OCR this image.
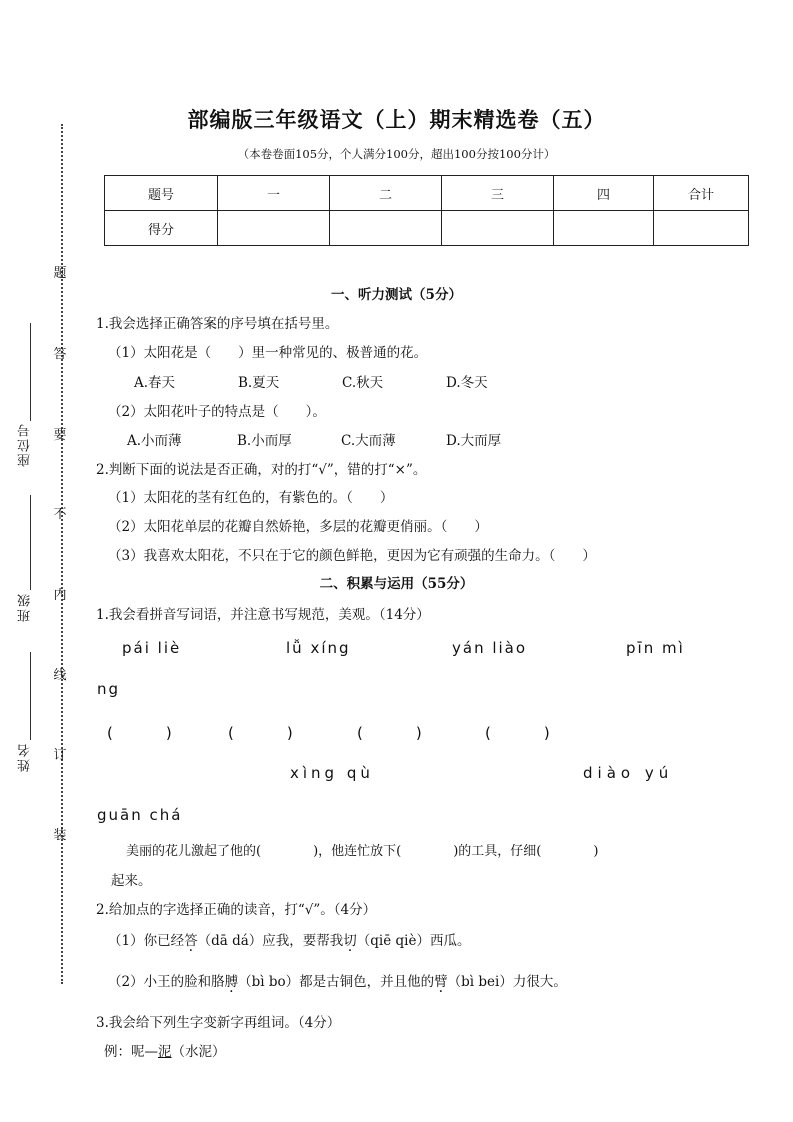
题
答
要
不
内
线
订
装
座位号
班级
姓名
部编版三年级语文（上）期末精选卷（五）
（本卷卷面105分，个人满分100分，超出100分按100分计）
题号	一	二	三	四	合计
得分					
一、听力测试（5分）
1.我会选择正确答案的序号填在括号里。
（1）太阳花是（　　）里一种常见的、极普通的花。
A.春天	B.夏天	C.秋天	D.冬天
（2）太阳花叶子的特点是（　　）。
A.小而薄	B.小而厚	C.大而薄	D.大而厚
2.判断下面的说法是否正确，对的打“√”，错的打“×”。
（1）太阳花的茎有红色的，有紫色的。（　　）
（2）太阳花单层的花瓣自然娇艳，多层的花瓣更俏丽。（　　）
（3）我喜欢太阳花，不只在于它的颜色鲜艳，更因为它有顽强的生命力。（　　）
二、积累与运用（55分）
1.我会看拼音写词语，并注意书写规范，美观。（14分）
pái liè	lǚ xíng	yán liào	pīn mì
ng
(　　　)	(　　　)	(　　　)	(　　　)
xìng qù	diào yú
guān chá
美丽的花儿激起了他的(　　　　)，他连忙放下(　　　　)的工具，仔细(　　　　)
起来。
2.给加点的字选择正确的读音，打“√”。（4分）
（1）你已经答（dā dá）应我，要帮我切（qiē qiè）西瓜。
（2）小王的脸和胳膊（bì bo）都是古铜色，并且他的臂（bì bei）力很大。
3.我会给下列生字变新字再组词。（4分）
例：呢—泥（水泥）
